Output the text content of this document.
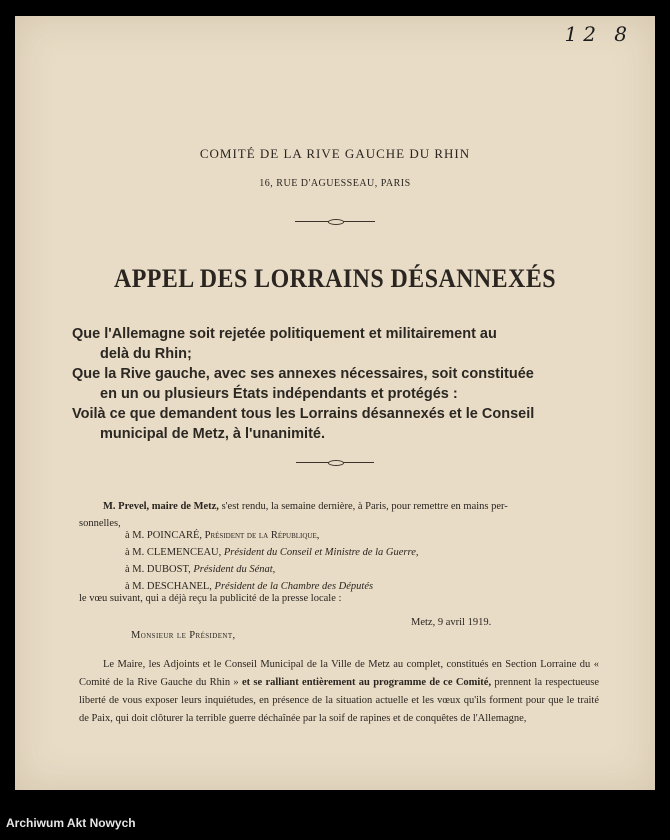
12 8
COMITÉ DE LA RIVE GAUCHE DU RHIN
16, RUE D'AGUESSEAU, PARIS
APPEL DES LORRAINS DÉSANNEXÉS
Que l'Allemagne soit rejetée politiquement et militairement au
delà du Rhin;
Que la Rive gauche, avec ses annexes nécessaires, soit constituée
en un ou plusieurs États indépendants et protégés :
Voilà ce que demandent tous les Lorrains désannexés et le Conseil
municipal de Metz, à l'unanimité.
M. Prevel, maire de Metz, s'est rendu, la semaine dernière, à Paris, pour remettre en mains per-
sonnelles,
à M. POINCARÉ, Président de la République,
à M. CLEMENCEAU, Président du Conseil et Ministre de la Guerre,
à M. DUBOST, Président du Sénat,
à M. DESCHANEL, Président de la Chambre des Députés
le vœu suivant, qui a déjà reçu la publicité de la presse locale :
Metz, 9 avril 1919.
Monsieur le Président,
Le Maire, les Adjoints et le Conseil Municipal de la Ville de Metz au complet, constitués en Section Lorraine du « Comité de la Rive Gauche du Rhin » et se ralliant entièrement au programme de ce Comité, prennent la respectueuse liberté de vous exposer leurs inquiétudes, en présence de la situation actuelle et les vœux qu'ils forment pour que le traité de Paix, qui doit clôturer la terrible guerre déchaînée par la soif de rapines et de conquêtes de l'Allemagne,
Archiwum Akt Nowych
